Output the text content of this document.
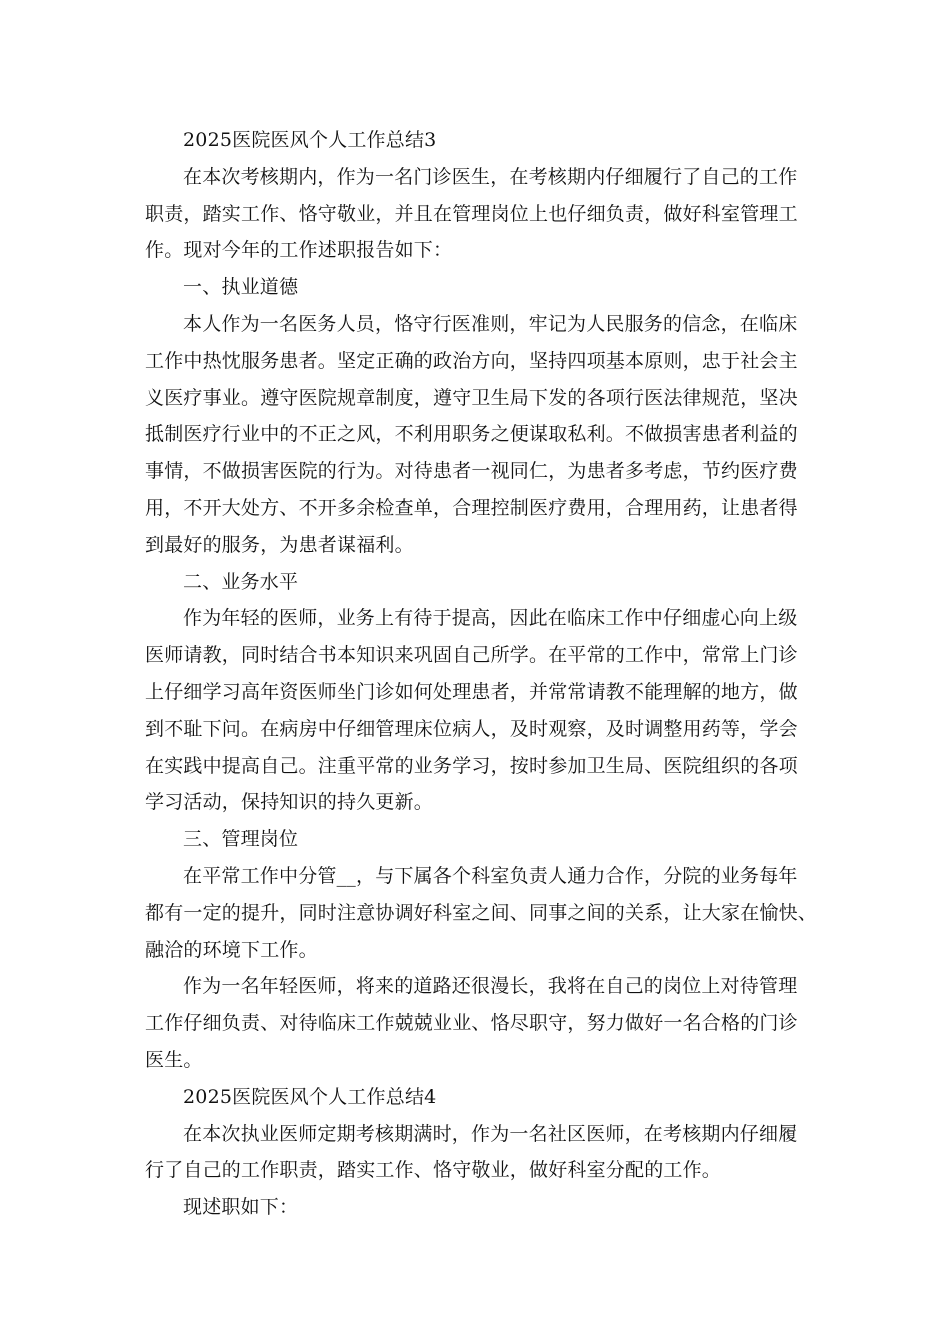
2025医院医风个人工作总结3
在本次考核期内，作为一名门诊医生，在考核期内仔细履行了自己的工作
职责，踏实工作、恪守敬业，并且在管理岗位上也仔细负责，做好科室管理工
作。现对今年的工作述职报告如下：
一、执业道德
本人作为一名医务人员，恪守行医准则，牢记为人民服务的信念，在临床
工作中热忱服务患者。坚定正确的政治方向，坚持四项基本原则，忠于社会主
义医疗事业。遵守医院规章制度，遵守卫生局下发的各项行医法律规范，坚决
抵制医疗行业中的不正之风，不利用职务之便谋取私利。不做损害患者利益的
事情，不做损害医院的行为。对待患者一视同仁，为患者多考虑，节约医疗费
用，不开大处方、不开多余检查单，合理控制医疗费用，合理用药，让患者得
到最好的服务，为患者谋福利。
二、业务水平
作为年轻的医师，业务上有待于提高，因此在临床工作中仔细虚心向上级
医师请教，同时结合书本知识来巩固自己所学。在平常的工作中，常常上门诊
上仔细学习高年资医师坐门诊如何处理患者，并常常请教不能理解的地方，做
到不耻下问。在病房中仔细管理床位病人，及时观察，及时调整用药等，学会
在实践中提高自己。注重平常的业务学习，按时参加卫生局、医院组织的各项
学习活动，保持知识的持久更新。
三、管理岗位
在平常工作中分管__，与下属各个科室负责人通力合作，分院的业务每年
都有一定的提升，同时注意协调好科室之间、同事之间的关系，让大家在愉快、
融洽的环境下工作。
作为一名年轻医师，将来的道路还很漫长，我将在自己的岗位上对待管理
工作仔细负责、对待临床工作兢兢业业、恪尽职守，努力做好一名合格的门诊
医生。
2025医院医风个人工作总结4
在本次执业医师定期考核期满时，作为一名社区医师，在考核期内仔细履
行了自己的工作职责，踏实工作、恪守敬业，做好科室分配的工作。
现述职如下：
